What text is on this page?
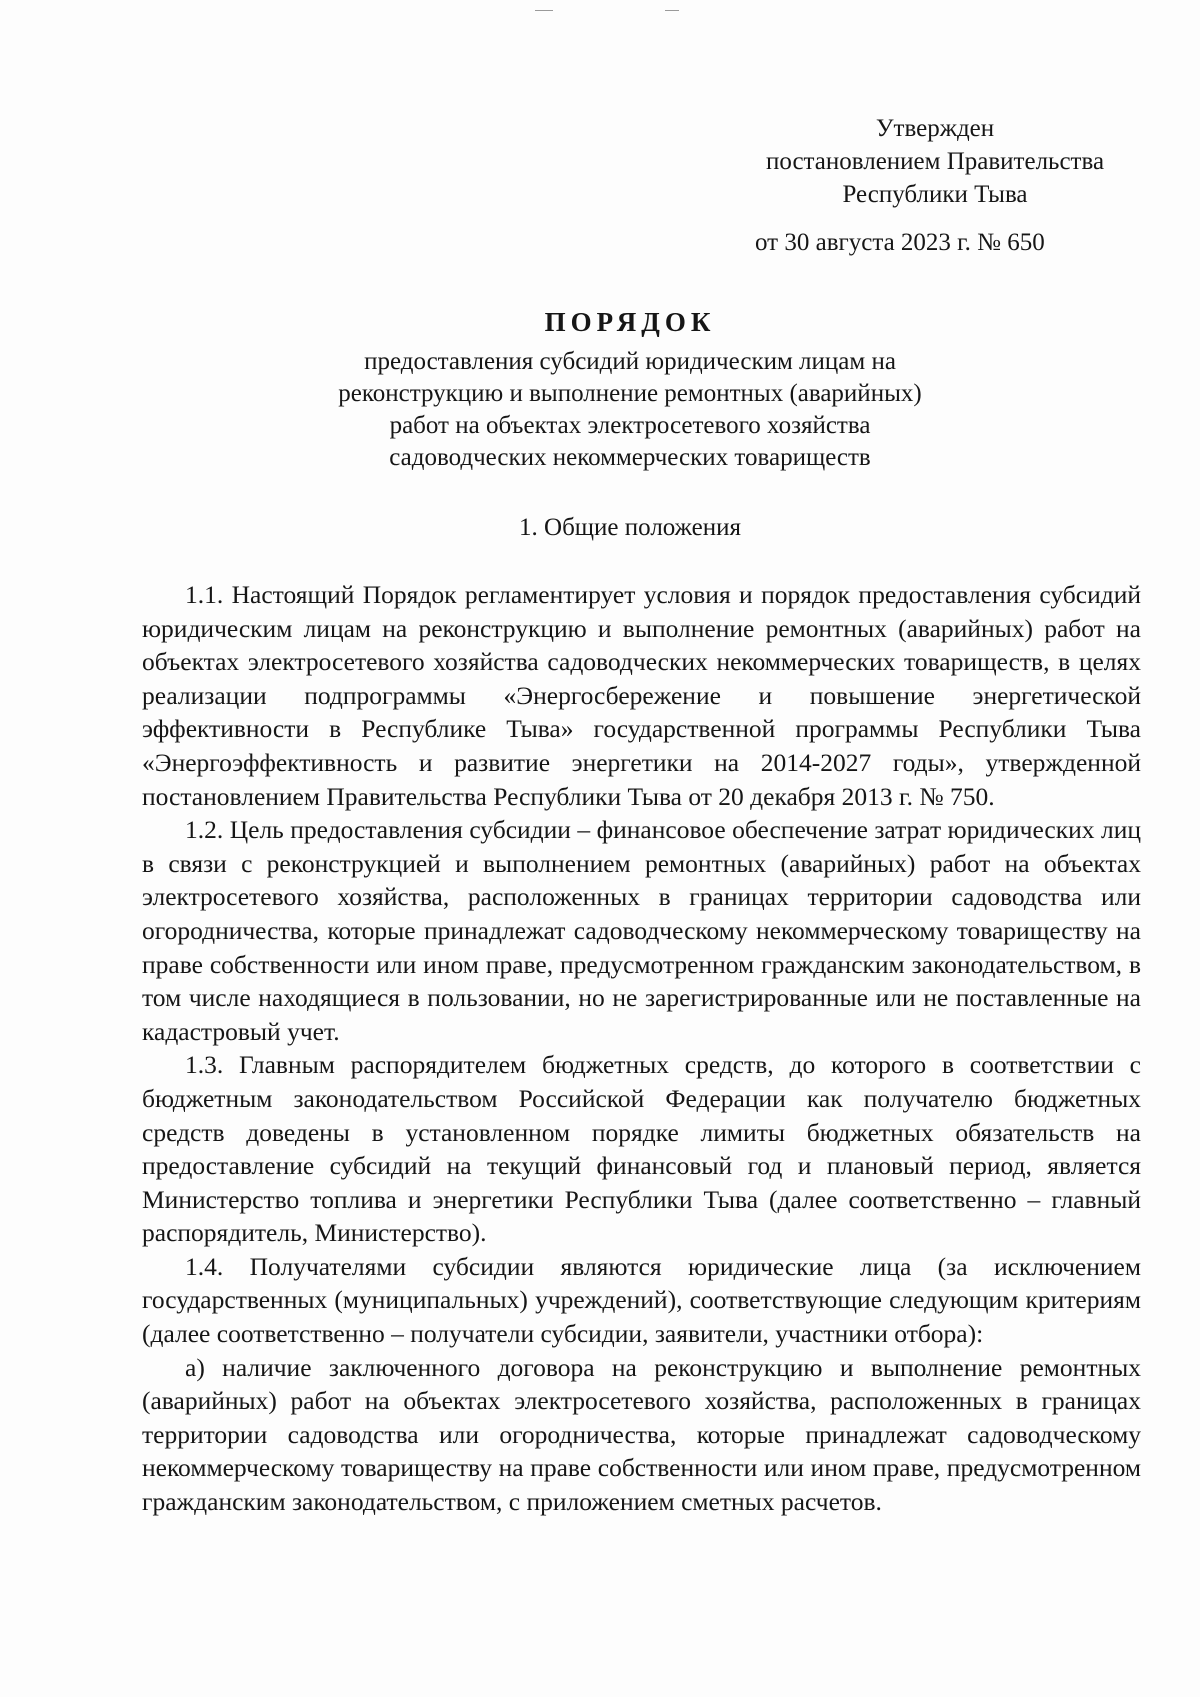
Утвержден
постановлением Правительства
Республики Тыва
от 30 августа 2023 г. № 650
ПОРЯДОК
предоставления субсидий юридическим лицам на
реконструкцию и выполнение ремонтных (аварийных)
работ на объектах электросетевого хозяйства
садоводческих некоммерческих товариществ
1. Общие положения

1.1. Настоящий Порядок регламентирует условия и порядок предоставления субсидий юридическим лицам на реконструкцию и выполнение ремонтных (аварийных) работ на объектах электросетевого хозяйства садоводческих некоммерческих товариществ, в целях реализации подпрограммы «Энергосбережение и повышение энергетической эффективности в Республике Тыва» государственной программы Республики Тыва «Энергоэффективность и развитие энергетики на 2014-2027 годы», утвержденной постановлением Правительства Республики Тыва от 20 декабря 2013 г. № 750.

1.2. Цель предоставления субсидии – финансовое обеспечение затрат юридических лиц в связи с реконструкцией и выполнением ремонтных (аварийных) работ на объектах электросетевого хозяйства, расположенных в границах территории садоводства или огородничества, которые принадлежат садоводческому некоммерческому товариществу на праве собственности или ином праве, предусмотренном гражданским законодательством, в том числе находящиеся в пользовании, но не зарегистрированные или не поставленные на кадастровый учет.

1.3. Главным распорядителем бюджетных средств, до которого в соответствии с бюджетным законодательством Российской Федерации как получателю бюджетных средств доведены в установленном порядке лимиты бюджетных обязательств на предоставление субсидий на текущий финансовый год и плановый период, является Министерство топлива и энергетики Республики Тыва (далее соответственно – главный распорядитель, Министерство).

1.4. Получателями субсидии являются юридические лица (за исключением государственных (муниципальных) учреждений), соответствующие следующим критериям (далее соответственно – получатели субсидии, заявители, участники отбора):

а) наличие заключенного договора на реконструкцию и выполнение ремонтных (аварийных) работ на объектах электросетевого хозяйства, расположенных в границах территории садоводства или огородничества, которые принадлежат садоводческому некоммерческому товариществу на праве собственности или ином праве, предусмотренном гражданским законодательством, с приложением сметных расчетов.
